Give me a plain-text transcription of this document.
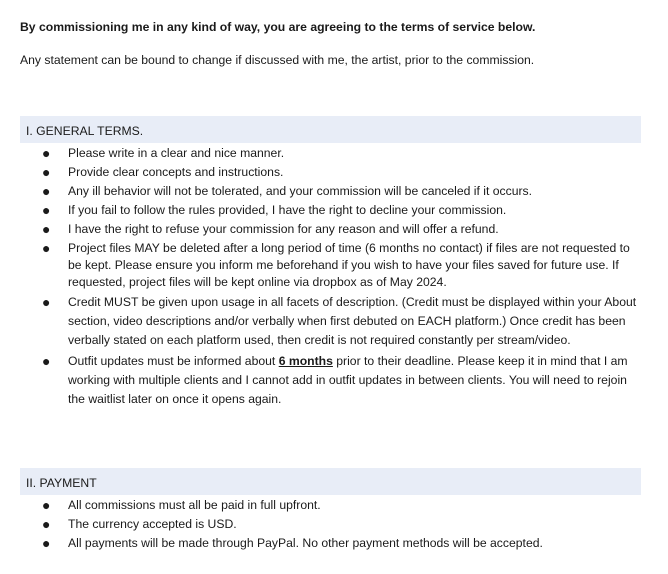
By commissioning me in any kind of way, you are agreeing to the terms of service below.
Any statement can be bound to change if discussed with me, the artist, prior to the commission.
I. GENERAL TERMS.
● Please write in a clear and nice manner.
● Provide clear concepts and instructions.
● Any ill behavior will not be tolerated, and your commission will be canceled if it occurs.
● If you fail to follow the rules provided, I have the right to decline your commission.
● I have the right to refuse your commission for any reason and will offer a refund.
● Project files MAY be deleted after a long period of time (6 months no contact) if files are not requested to be kept. Please ensure you inform me beforehand if you wish to have your files saved for future use. If requested, project files will be kept online via dropbox as of May 2024.
● Credit MUST be given upon usage in all facets of description. (Credit must be displayed within your About section, video descriptions and/or verbally when first debuted on EACH platform.) Once credit has been verbally stated on each platform used, then credit is not required constantly per stream/video.
● Outfit updates must be informed about 6 months prior to their deadline. Please keep it in mind that I am working with multiple clients and I cannot add in outfit updates in between clients. You will need to rejoin the waitlist later on once it opens again.
II. PAYMENT
● All commissions must all be paid in full upfront.
● The currency accepted is USD.
● All payments will be made through PayPal. No other payment methods will be accepted.
